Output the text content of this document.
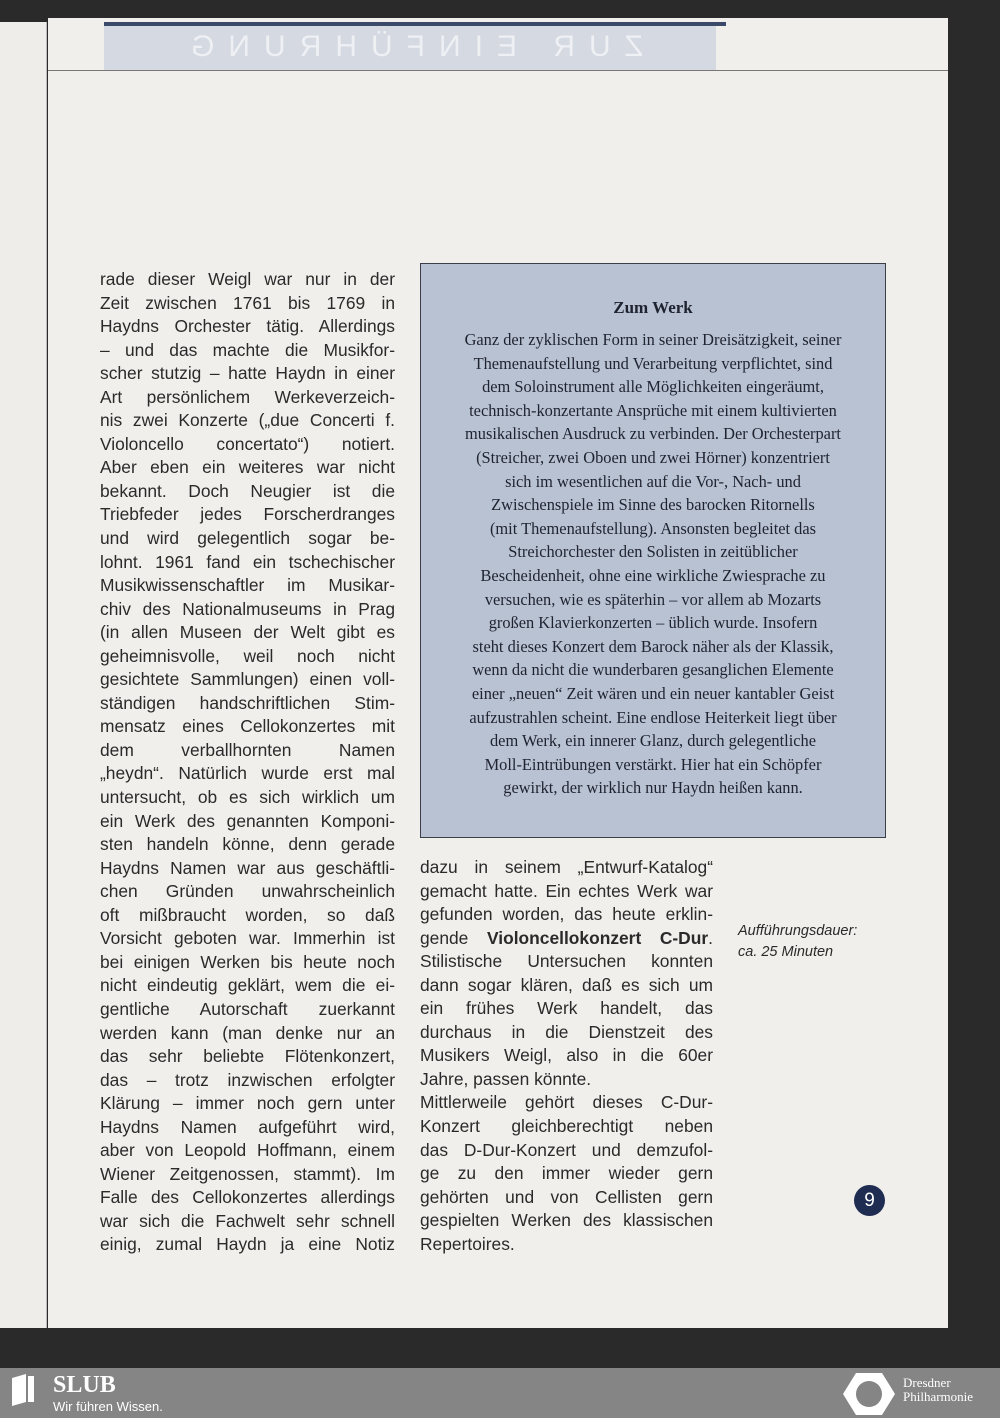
ZUR EINFÜHRUNG
rade dieser Weigl war nur in der
Zeit zwischen 1761 bis 1769 in
Haydns Orchester tätig. Allerdings
– und das machte die Musikfor-
scher stutzig – hatte Haydn in einer
Art persönlichem Werkeverzeich-
nis zwei Konzerte („due Concerti f.
Violoncello concertato“) notiert.
Aber eben ein weiteres war nicht
bekannt. Doch Neugier ist die
Triebfeder jedes Forscherdranges
und wird gelegentlich sogar be-
lohnt. 1961 fand ein tschechischer
Musikwissenschaftler im Musikar-
chiv des Nationalmuseums in Prag
(in allen Museen der Welt gibt es
geheimnisvolle, weil noch nicht
gesichtete Sammlungen) einen voll-
ständigen handschriftlichen Stim-
mensatz eines Cellokonzertes mit
dem verballhornten Namen
„heydn“. Natürlich wurde erst mal
untersucht, ob es sich wirklich um
ein Werk des genannten Komponi-
sten handeln könne, denn gerade
Haydns Namen war aus geschäftli-
chen Gründen unwahrscheinlich
oft mißbraucht worden, so daß
Vorsicht geboten war. Immerhin ist
bei einigen Werken bis heute noch
nicht eindeutig geklärt, wem die ei-
gentliche Autorschaft zuerkannt
werden kann (man denke nur an
das sehr beliebte Flötenkonzert,
das – trotz inzwischen erfolgter
Klärung – immer noch gern unter
Haydns Namen aufgeführt wird,
aber von Leopold Hoffmann, einem
Wiener Zeitgenossen, stammt). Im
Falle des Cellokonzertes allerdings
war sich die Fachwelt sehr schnell
einig, zumal Haydn ja eine Notiz
Zum Werk
Ganz der zyklischen Form in seiner Dreisätzigkeit, seiner
Themenaufstellung und Verarbeitung verpflichtet, sind
dem Soloinstrument alle Möglichkeiten eingeräumt,
technisch-konzertante Ansprüche mit einem kultivierten
musikalischen Ausdruck zu verbinden. Der Orchesterpart
(Streicher, zwei Oboen und zwei Hörner) konzentriert
sich im wesentlichen auf die Vor-, Nach- und
Zwischenspiele im Sinne des barocken Ritornells
(mit Themenaufstellung). Ansonsten begleitet das
Streichorchester den Solisten in zeitüblicher
Bescheidenheit, ohne eine wirkliche Zwiesprache zu
versuchen, wie es späterhin – vor allem ab Mozarts
großen Klavierkonzerten – üblich wurde. Insofern
steht dieses Konzert dem Barock näher als der Klassik,
wenn da nicht die wunderbaren gesanglichen Elemente
einer „neuen“ Zeit wären und ein neuer kantabler Geist
aufzustrahlen scheint. Eine endlose Heiterkeit liegt über
dem Werk, ein innerer Glanz, durch gelegentliche
Moll-Eintrübungen verstärkt. Hier hat ein Schöpfer
gewirkt, der wirklich nur Haydn heißen kann.
dazu in seinem „Entwurf-Katalog“
gemacht hatte. Ein echtes Werk war
gefunden worden, das heute erklin-
gende Violoncellokonzert C-Dur.
Stilistische Untersuchen konnten
dann sogar klären, daß es sich um
ein frühes Werk handelt, das
durchaus in die Dienstzeit des
Musikers Weigl, also in die 60er
Jahre, passen könnte.
Mittlerweile gehört dieses C-Dur-
Konzert gleichberechtigt neben
das D-Dur-Konzert und demzufol-
ge zu den immer wieder gern
gehörten und von Cellisten gern
gespielten Werken des klassischen
Repertoires.
Aufführungsdauer:
ca. 25 Minuten
9
SLUB
Wir führen Wissen.
Dresdner
Philharmonie
